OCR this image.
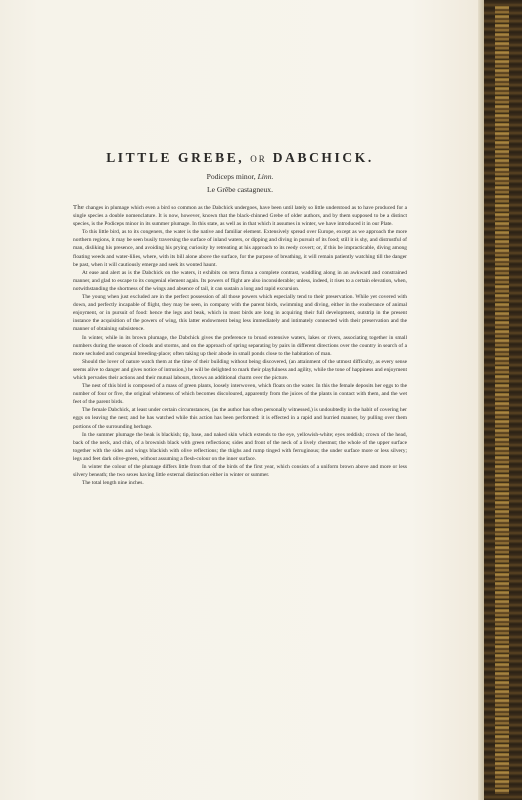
LITTLE GREBE, OR DABCHICK.
Podiceps minor, Linn.
Le Grêbe castagneux.

The changes in plumage which even a bird so common as the Dabchick undergoes, have been until lately so little understood as to have produced for a single species a double nomenclature. It is now, however, known that the black-chinned Grebe of older authors, and by them supposed to be a distinct species, is the Podiceps minor in its summer plumage. In this state, as well as in that which it assumes in winter, we have introduced it in our Plate.

To this little bird, as to its congeners, the water is the native and familiar element. Extensively spread over Europe, except as we approach the more northern regions, it may be seen busily traversing the surface of inland waters, or dipping and diving in pursuit of its food; still it is shy, and distrustful of man, disliking his presence, and avoiding his prying curiosity by retreating at his approach to its reedy covert; or, if this be impracticable, diving among floating weeds and water-lilies, where, with its bill alone above the surface, for the purpose of breathing, it will remain patiently watching till the danger be past, when it will cautiously emerge and seek its wonted haunt.

At ease and alert as is the Dabchick on the waters, it exhibits on terra firma a complete contrast, waddling along in an awkward and constrained manner, and glad to escape to its congenial element again. Its powers of flight are also inconsiderable; unless, indeed, it rises to a certain elevation, when, notwithstanding the shortness of the wings and absence of tail, it can sustain a long and rapid excursion.

The young when just excluded are in the perfect possession of all those powers which especially tend to their preservation. While yet covered with down, and perfectly incapable of flight, they may be seen, in company with the parent birds, swimming and diving, either in the exuberance of animal enjoyment, or in pursuit of food: hence the legs and beak, which in most birds are long in acquiring their full development, outstrip in the present instance the acquisition of the powers of wing, this latter endowment being less immediately and intimately connected with their preservation and the manner of obtaining subsistence.

In winter, while in its brown plumage, the Dabchick gives the preference to broad extensive waters, lakes or rivers, associating together in small numbers during the season of clouds and storms, and on the approach of spring separating by pairs in different directions over the country in search of a more secluded and congenial breeding-place; often taking up their abode in small ponds close to the habitation of man.

Should the lover of nature watch them at the time of their building without being discovered, (an attainment of the utmost difficulty, as every sense seems alive to danger and gives notice of intrusion,) he will be delighted to mark their playfulness and agility, while the tone of happiness and enjoyment which pervades their actions and their mutual labours, throws an additional charm over the picture.

The nest of this bird is composed of a mass of green plants, loosely interwoven, which floats on the water. In this the female deposits her eggs to the number of four or five, the original whiteness of which becomes discoloured, apparently from the juices of the plants in contact with them, and the wet feet of the parent birds.

The female Dabchick, at least under certain circumstances, (as the author has often personally witnessed,) is undoubtedly in the habit of covering her eggs on leaving the nest; and he has watched while this action has been performed: it is effected in a rapid and hurried manner, by pulling over them portions of the surrounding herbage.

In the summer plumage the beak is blackish; tip, base, and naked skin which extends to the eye, yellowish-white; eyes reddish; crown of the head, back of the neck, and chin, of a brownish black with green reflections; sides and front of the neck of a lively chestnut; the whole of the upper surface together with the sides and wings blackish with olive reflections; the thighs and rump tinged with ferruginous; the under surface more or less silvery; legs and feet dark olive-green, without assuming a flesh-colour on the inner surface.

In winter the colour of the plumage differs little from that of the birds of the first year, which consists of a uniform brown above and more or less silvery beneath; the two sexes having little external distinction either in winter or summer.

The total length nine inches.
